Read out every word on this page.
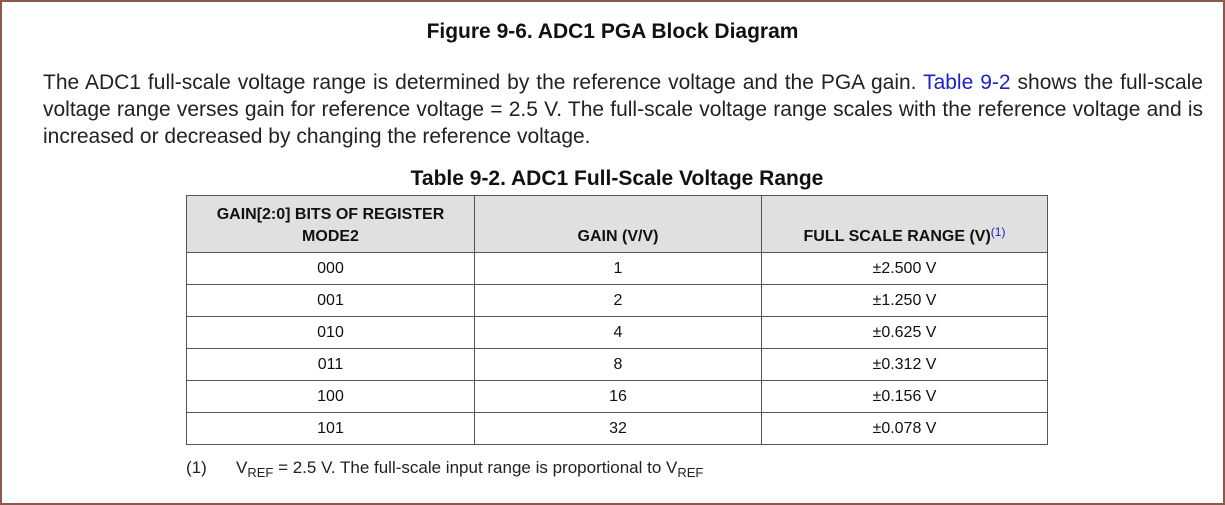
Figure 9-6. ADC1 PGA Block Diagram
The ADC1 full-scale voltage range is determined by the reference voltage and the PGA gain. Table 9-2 shows the full-scale voltage range verses gain for reference voltage = 2.5 V. The full-scale voltage range scales with the reference voltage and is increased or decreased by changing the reference voltage.
Table 9-2. ADC1 Full-Scale Voltage Range
GAIN[2:0] BITS OF REGISTER
MODE2	GAIN (V/V)	FULL SCALE RANGE (V)$^{(1)}$
000	1	±2.500 V
001	2	±1.250 V
010	4	±0.625 V
011	8	±0.312 V
100	16	±0.156 V
101	32	±0.078 V
(1) $V_{REF} = 2.5$ V. The full-scale input range is proportional to $V_{REF}$
